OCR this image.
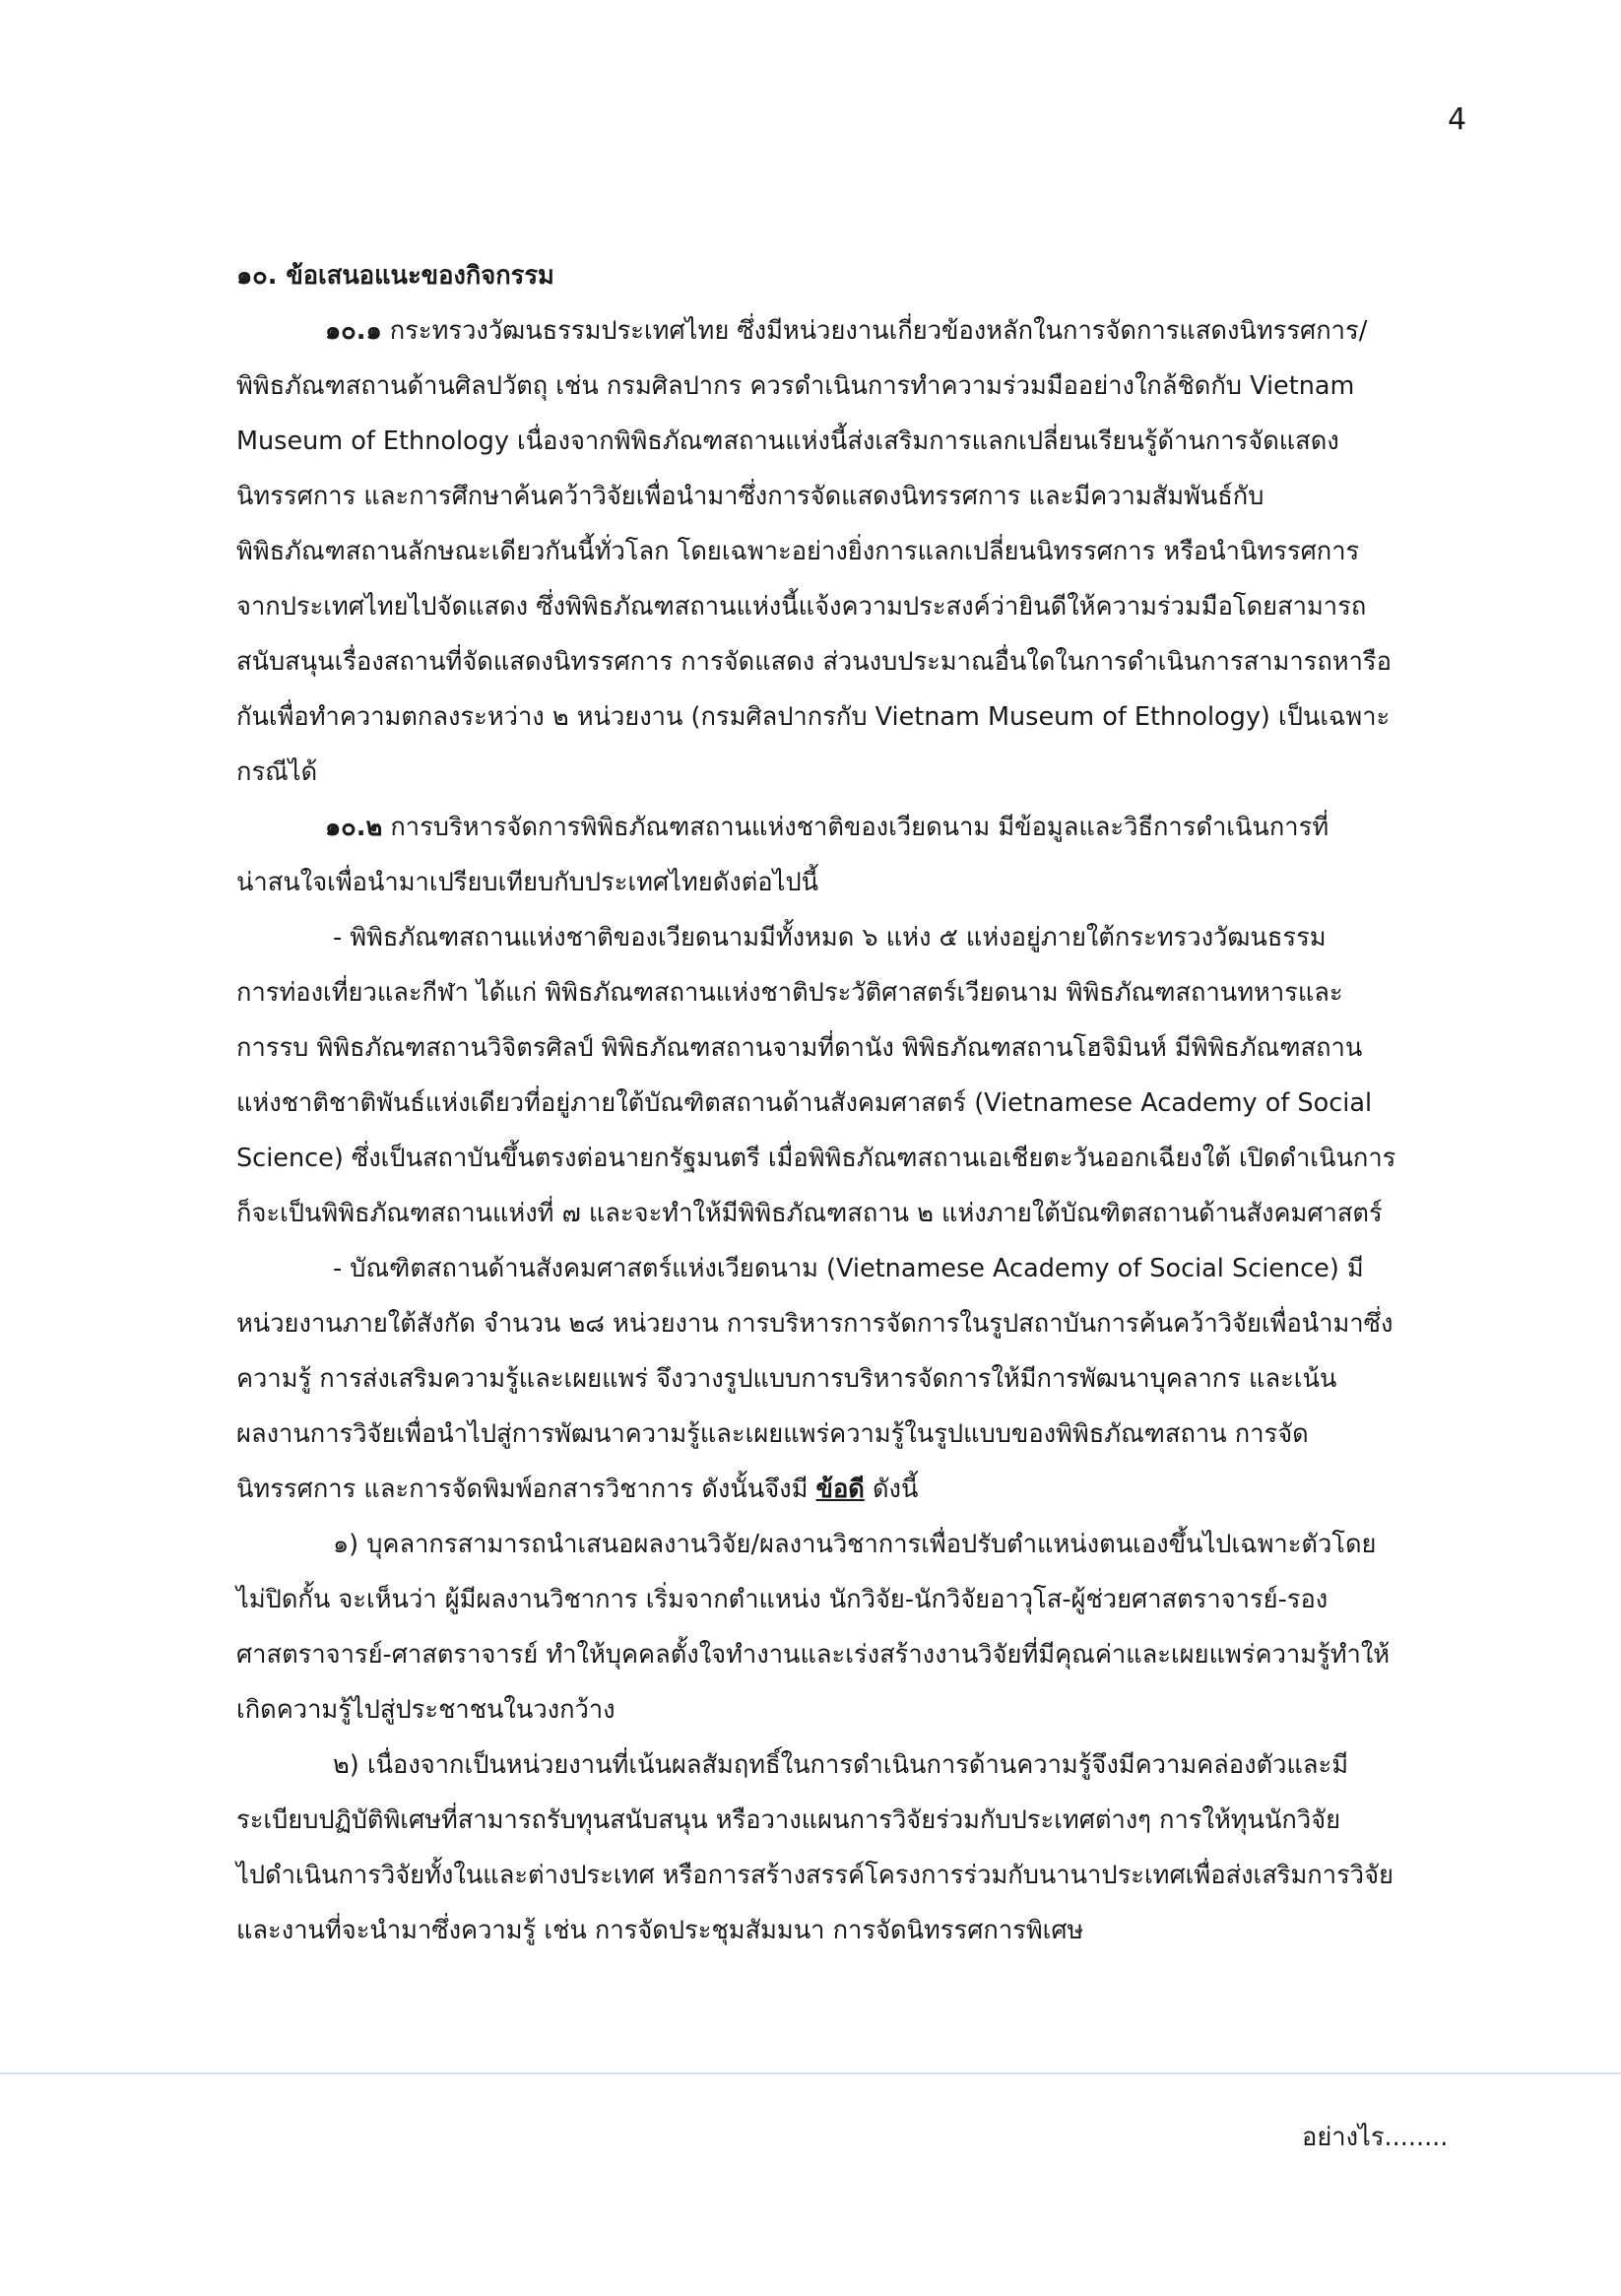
4
๑๐. ข้อเสนอแนะของกิจกรรม
๑๐.๑ กระทรวงวัฒนธรรมประเทศไทย ซึ่งมีหน่วยงานเกี่ยวข้องหลักในการจัดการแสดงนิทรรศการ/
พิพิธภัณฑสถานด้านศิลปวัตถุ เช่น กรมศิลปากร ควรดำเนินการทำความร่วมมืออย่างใกล้ชิดกับ Vietnam
Museum of Ethnology เนื่องจากพิพิธภัณฑสถานแห่งนี้ส่งเสริมการแลกเปลี่ยนเรียนรู้ด้านการจัดแสดง
นิทรรศการ และการศึกษาค้นคว้าวิจัยเพื่อนำมาซึ่งการจัดแสดงนิทรรศการ และมีความสัมพันธ์กับ
พิพิธภัณฑสถานลักษณะเดียวกันนี้ทั่วโลก โดยเฉพาะอย่างยิ่งการแลกเปลี่ยนนิทรรศการ หรือนำนิทรรศการ
จากประเทศไทยไปจัดแสดง ซึ่งพิพิธภัณฑสถานแห่งนี้แจ้งความประสงค์ว่ายินดีให้ความร่วมมือโดยสามารถ
สนับสนุนเรื่องสถานที่จัดแสดงนิทรรศการ การจัดแสดง ส่วนงบประมาณอื่นใดในการดำเนินการสามารถหารือ
กันเพื่อทำความตกลงระหว่าง ๒ หน่วยงาน (กรมศิลปากรกับ Vietnam Museum of Ethnology) เป็นเฉพาะ
กรณีได้
๑๐.๒ การบริหารจัดการพิพิธภัณฑสถานแห่งชาติของเวียดนาม มีข้อมูลและวิธีการดำเนินการที่
น่าสนใจเพื่อนำมาเปรียบเทียบกับประเทศไทยดังต่อไปนี้
- พิพิธภัณฑสถานแห่งชาติของเวียดนามมีทั้งหมด ๖ แห่ง ๕ แห่งอยู่ภายใต้กระทรวงวัฒนธรรม
การท่องเที่ยวและกีฬา ได้แก่ พิพิธภัณฑสถานแห่งชาติประวัติศาสตร์เวียดนาม พิพิธภัณฑสถานทหารและ
การรบ พิพิธภัณฑสถานวิจิตรศิลป์ พิพิธภัณฑสถานจามที่ดานัง พิพิธภัณฑสถานโฮจิมินห์ มีพิพิธภัณฑสถาน
แห่งชาติชาติพันธ์แห่งเดียวที่อยู่ภายใต้บัณฑิตสถานด้านสังคมศาสตร์ (Vietnamese Academy of Social
Science) ซึ่งเป็นสถาบันขึ้นตรงต่อนายกรัฐมนตรี เมื่อพิพิธภัณฑสถานเอเชียตะวันออกเฉียงใต้ เปิดดำเนินการ
ก็จะเป็นพิพิธภัณฑสถานแห่งที่ ๗ และจะทำให้มีพิพิธภัณฑสถาน ๒ แห่งภายใต้บัณฑิตสถานด้านสังคมศาสตร์
- บัณฑิตสถานด้านสังคมศาสตร์แห่งเวียดนาม (Vietnamese Academy of Social Science) มี
หน่วยงานภายใต้สังกัด จำนวน ๒๘ หน่วยงาน การบริหารการจัดการในรูปสถาบันการค้นคว้าวิจัยเพื่อนำมาซึ่ง
ความรู้ การส่งเสริมความรู้และเผยแพร่ จึงวางรูปแบบการบริหารจัดการให้มีการพัฒนาบุคลากร และเน้น
ผลงานการวิจัยเพื่อนำไปสู่การพัฒนาความรู้และเผยแพร่ความรู้ในรูปแบบของพิพิธภัณฑสถาน การจัด
นิทรรศการ และการจัดพิมพ์อกสารวิชาการ ดังนั้นจึงมี ข้อดี ดังนี้
๑) บุคลากรสามารถนำเสนอผลงานวิจัย/ผลงานวิชาการเพื่อปรับตำแหน่งตนเองขึ้นไปเฉพาะตัวโดย
ไม่ปิดกั้น จะเห็นว่า ผู้มีผลงานวิชาการ เริ่มจากตำแหน่ง นักวิจัย-นักวิจัยอาวุโส-ผู้ช่วยศาสตราจารย์-รอง
ศาสตราจารย์-ศาสตราจารย์ ทำให้บุคคลตั้งใจทำงานและเร่งสร้างงานวิจัยที่มีคุณค่าและเผยแพร่ความรู้ทำให้
เกิดความรู้ไปสู่ประชาชนในวงกว้าง
๒) เนื่องจากเป็นหน่วยงานที่เน้นผลสัมฤทธิ์ในการดำเนินการด้านความรู้จึงมีความคล่องตัวและมี
ระเบียบปฏิบัติพิเศษที่สามารถรับทุนสนับสนุน หรือวางแผนการวิจัยร่วมกับประเทศต่างๆ การให้ทุนนักวิจัย
ไปดำเนินการวิจัยทั้งในและต่างประเทศ หรือการสร้างสรรค์โครงการร่วมกับนานาประเทศเพื่อส่งเสริมการวิจัย
และงานที่จะนำมาซึ่งความรู้ เช่น การจัดประชุมสัมมนา การจัดนิทรรศการพิเศษ
อย่างไร........
